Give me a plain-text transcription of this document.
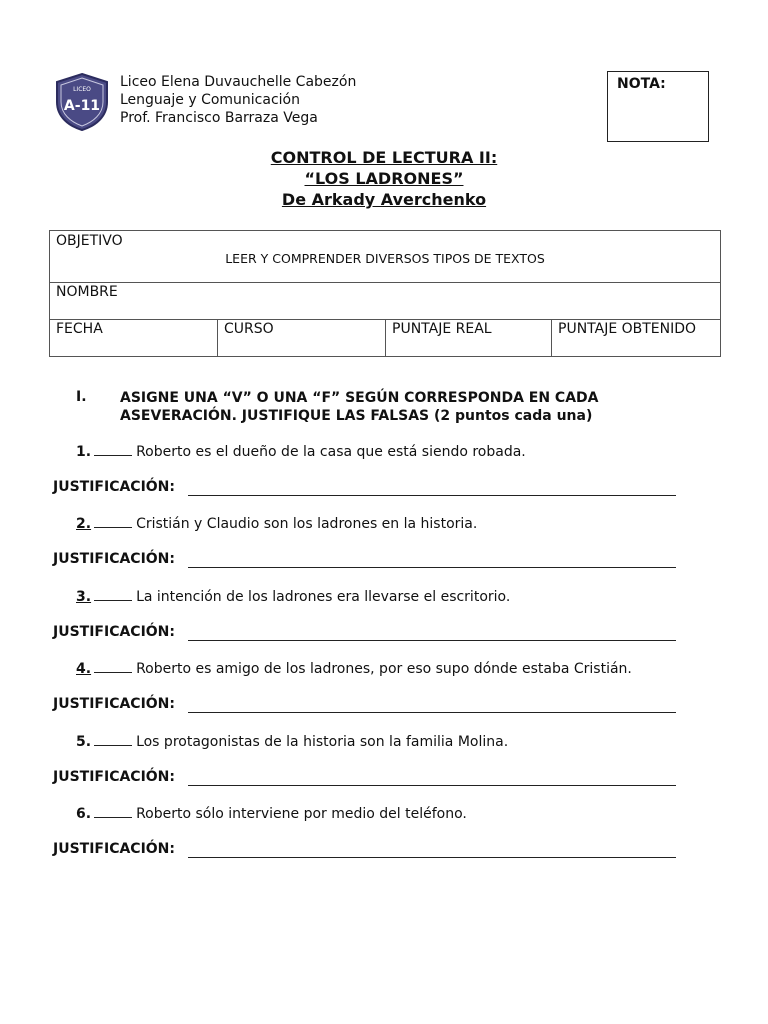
LICEO
A-11
Liceo Elena Duvauchelle Cabezón
Lenguaje y Comunicación
Prof. Francisco Barraza Vega
NOTA:
CONTROL DE LECTURA II:
“LOS LADRONES”
De Arkady Averchenko
OBJETIVO
LEER Y COMPRENDER DIVERSOS TIPOS DE TEXTOS

NOMBRE
FECHA	CURSO	PUNTAJE REAL	PUNTAJE OBTENIDO
I. ASIGNE UNA “V” O UNA “F” SEGÚN CORRESPONDA EN CADA ASEVERACIÓN. JUSTIFIQUE LAS FALSAS (2 puntos cada una)
1.	Roberto es el dueño de la casa que está siendo robada.
JUSTIFICACIÓN:
2.	Cristián y Claudio son los ladrones en la historia.
JUSTIFICACIÓN:
3.	La intención de los ladrones era llevarse el escritorio.
JUSTIFICACIÓN:
4.	Roberto es amigo de los ladrones, por eso supo dónde estaba Cristián.
JUSTIFICACIÓN:
5.	Los protagonistas de la historia son la familia Molina.
JUSTIFICACIÓN:
6.	Roberto sólo interviene por medio del teléfono.
JUSTIFICACIÓN:
